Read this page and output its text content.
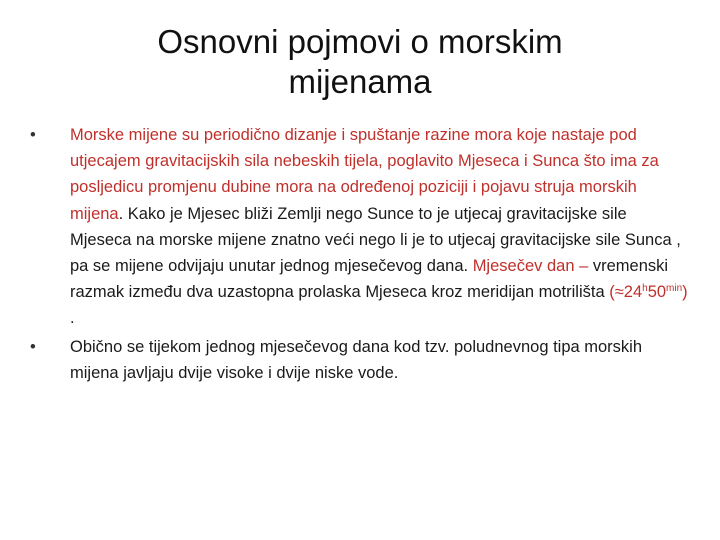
Osnovni pojmovi o morskim
mijenama
•	Morske mijene su periodično dizanje i spuštanje razine mora koje nastaje pod utjecajem gravitacijskih sila nebeskih tijela, poglavito Mjeseca i Sunca što ima za posljedicu promjenu dubine mora na određenoj poziciji i pojavu struja morskih mijena. Kako je Mjesec bliži Zemlji nego Sunce to je utjecaj gravitacijske sile Mjeseca na morske mijene znatno veći nego li je to utjecaj gravitacijske sile Sunca , pa se mijene odvijaju unutar jednog mjesečevog dana. Mjesečev dan – vremenski razmak između dva uzastopna prolaska Mjeseca kroz meridijan motrilišta $(\approx 24^h50^{min})$ .
•	Obično se tijekom jednog mjesečevog dana kod tzv. poludnevnog tipa morskih mijena javljaju dvije visoke i dvije niske vode.
